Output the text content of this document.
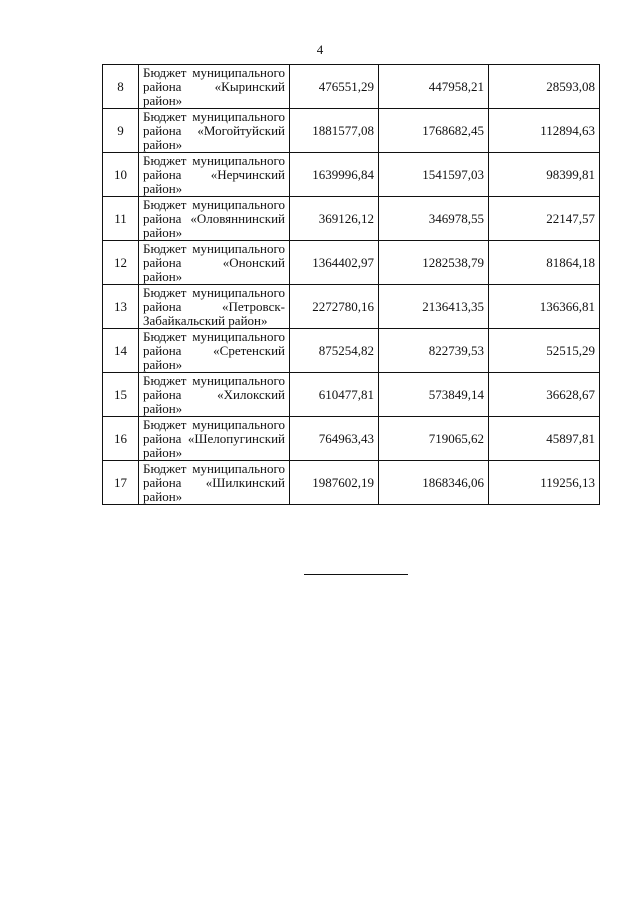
4
8	Бюджет муниципального
района «Кыринский
район»	476551,29	447958,21	28593,08
9	Бюджет муниципального
района «Могойтуйский
район»	1881577,08	1768682,45	112894,63
10	Бюджет муниципального
района «Нерчинский
район»	1639996,84	1541597,03	98399,81
11	Бюджет муниципального
района «Оловяннинский
район»	369126,12	346978,55	22147,57
12	Бюджет муниципального
района «Ононский
район»	1364402,97	1282538,79	81864,18
13	Бюджет муниципального
района «Петровск-
Забайкальский район»	2272780,16	2136413,35	136366,81
14	Бюджет муниципального
района «Сретенский
район»	875254,82	822739,53	52515,29
15	Бюджет муниципального
района «Хилокский
район»	610477,81	573849,14	36628,67
16	Бюджет муниципального
района «Шелопугинский
район»	764963,43	719065,62	45897,81
17	Бюджет муниципального
района «Шилкинский
район»	1987602,19	1868346,06	119256,13
